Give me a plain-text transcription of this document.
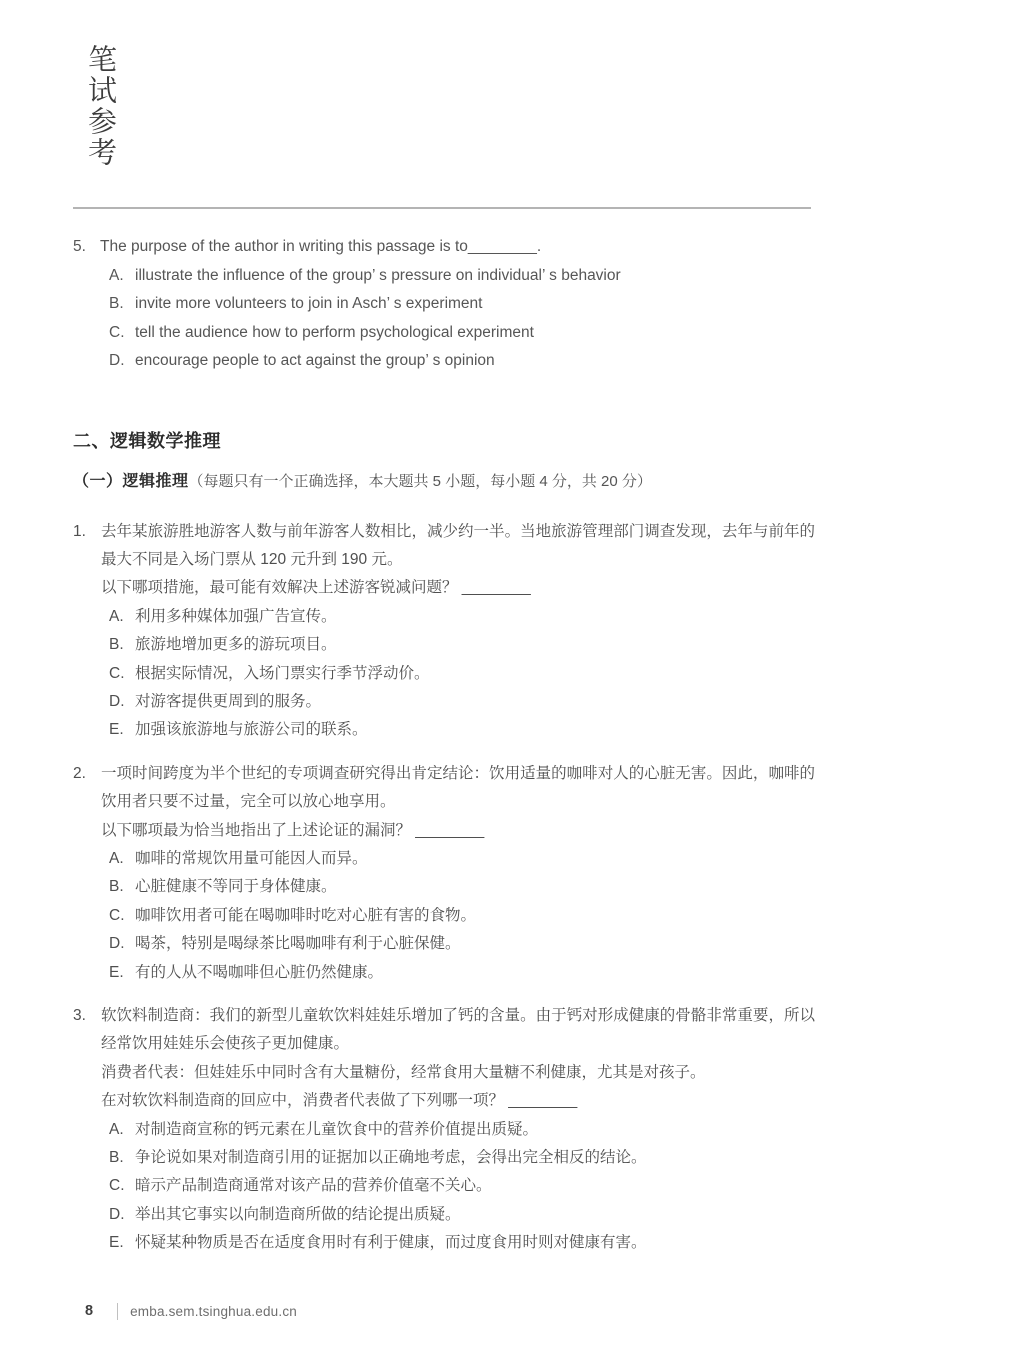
笔试参考
5. The purpose of the author in writing this passage is to________.

A. illustrate the influence of the group’ s pressure on individual’ s behavior
B. invite more volunteers to join in Asch’ s experiment
C. tell the audience how to perform psychological experiment
D. encourage people to act against the group’ s opinion
二、逻辑数学推理
（一）逻辑推理（每题只有一个正确选择，本大题共 5 小题，每小题 4 分，共 20 分）
1. 去年某旅游胜地游客人数与前年游客人数相比，减少约一半。当地旅游管理部门调查发现，去年与前年的最大不同是入场门票从 120 元升到 190 元。

以下哪项措施，最可能有效解决上述游客锐减问题？ ________

A. 利用多种媒体加强广告宣传。
B. 旅游地增加更多的游玩项目。
C. 根据实际情况，入场门票实行季节浮动价。
D. 对游客提供更周到的服务。
E. 加强该旅游地与旅游公司的联系。
2. 一项时间跨度为半个世纪的专项调查研究得出肯定结论：饮用适量的咖啡对人的心脏无害。因此，咖啡的饮用者只要不过量，完全可以放心地享用。

以下哪项最为恰当地指出了上述论证的漏洞？ ________

A. 咖啡的常规饮用量可能因人而异。
B. 心脏健康不等同于身体健康。
C. 咖啡饮用者可能在喝咖啡时吃对心脏有害的食物。
D. 喝茶，特别是喝绿茶比喝咖啡有利于心脏保健。
E. 有的人从不喝咖啡但心脏仍然健康。
3. 软饮料制造商：我们的新型儿童软饮料娃娃乐增加了钙的含量。由于钙对形成健康的骨骼非常重要，所以经常饮用娃娃乐会使孩子更加健康。

消费者代表：但娃娃乐中同时含有大量糖份，经常食用大量糖不利健康，尤其是对孩子。

在对软饮料制造商的回应中，消费者代表做了下列哪一项？ ________

A. 对制造商宣称的钙元素在儿童饮食中的营养价值提出质疑。
B. 争论说如果对制造商引用的证据加以正确地考虑，会得出完全相反的结论。
C. 暗示产品制造商通常对该产品的营养价值毫不关心。
D. 举出其它事实以向制造商所做的结论提出质疑。
E. 怀疑某种物质是否在适度食用时有利于健康，而过度食用时则对健康有害。
8	emba.sem.tsinghua.edu.cn
